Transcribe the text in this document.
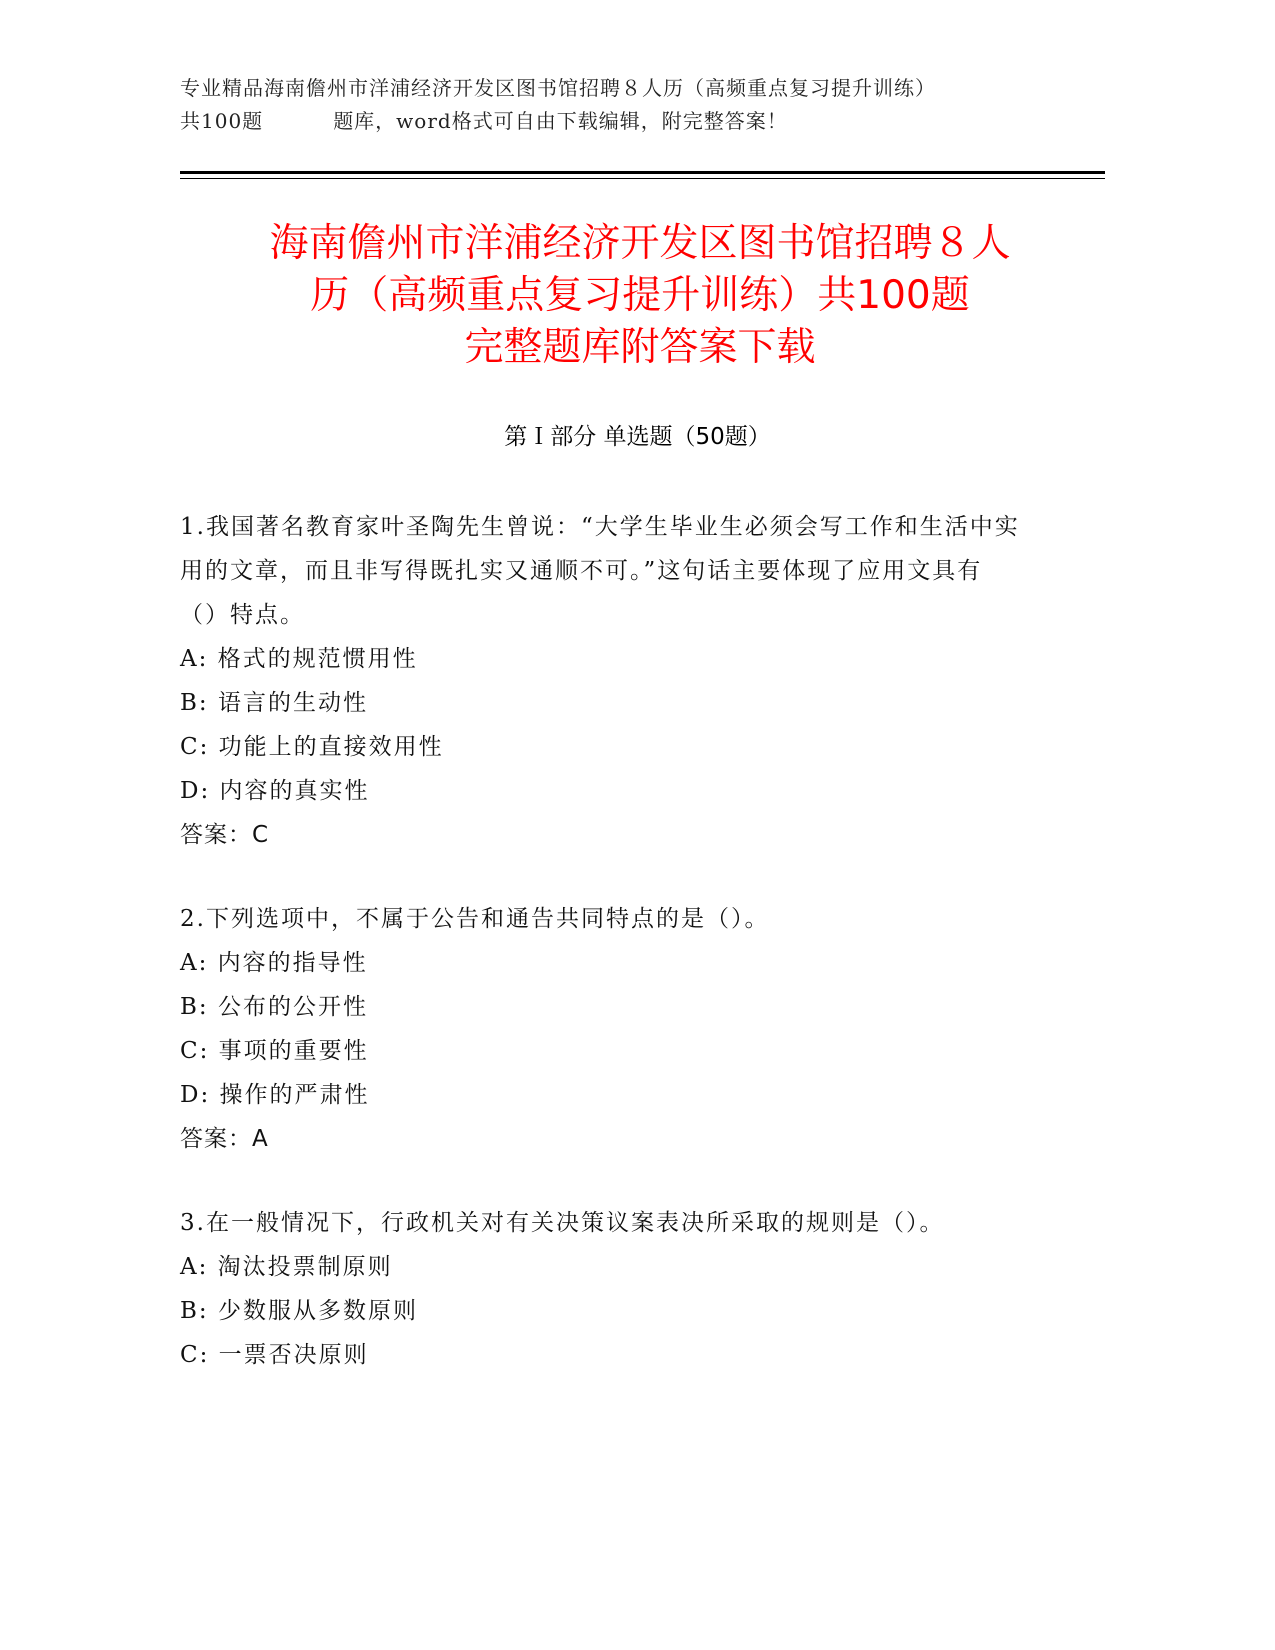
专业精品海南儋州市洋浦经济开发区图书馆招聘８人历（高频重点复习提升训练）
共100题	题库，word格式可自由下载编辑，附完整答案！
海南儋州市洋浦经济开发区图书馆招聘８人
历（高频重点复习提升训练）共100题
完整题库附答案下载
第Ｉ部分 单选题（50题）
1.我国著名教育家叶圣陶先生曾说：“大学生毕业生必须会写工作和生活中实用的文章，而且非写得既扎实又通顺不可。”这句话主要体现了应用文具有（）特点。
A: 格式的规范惯用性
B: 语言的生动性
C: 功能上的直接效用性
D: 内容的真实性
答案：C
2.下列选项中，不属于公告和通告共同特点的是（）。
A: 内容的指导性
B: 公布的公开性
C: 事项的重要性
D: 操作的严肃性
答案：A
3.在一般情况下，行政机关对有关决策议案表决所采取的规则是（）。
A: 淘汰投票制原则
B: 少数服从多数原则
C: 一票否决原则
